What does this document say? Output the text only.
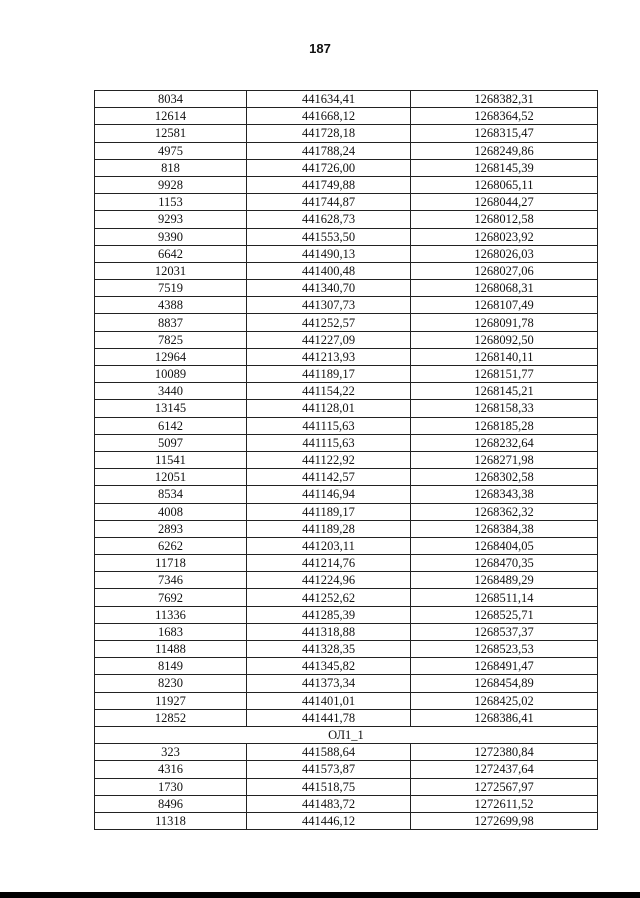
187
8034	441634,41	1268382,31
12614	441668,12	1268364,52
12581	441728,18	1268315,47
4975	441788,24	1268249,86
818	441726,00	1268145,39
9928	441749,88	1268065,11
1153	441744,87	1268044,27
9293	441628,73	1268012,58
9390	441553,50	1268023,92
6642	441490,13	1268026,03
12031	441400,48	1268027,06
7519	441340,70	1268068,31
4388	441307,73	1268107,49
8837	441252,57	1268091,78
7825	441227,09	1268092,50
12964	441213,93	1268140,11
10089	441189,17	1268151,77
3440	441154,22	1268145,21
13145	441128,01	1268158,33
6142	441115,63	1268185,28
5097	441115,63	1268232,64
11541	441122,92	1268271,98
12051	441142,57	1268302,58
8534	441146,94	1268343,38
4008	441189,17	1268362,32
2893	441189,28	1268384,38
6262	441203,11	1268404,05
11718	441214,76	1268470,35
7346	441224,96	1268489,29
7692	441252,62	1268511,14
11336	441285,39	1268525,71
1683	441318,88	1268537,37
11488	441328,35	1268523,53
8149	441345,82	1268491,47
8230	441373,34	1268454,89
11927	441401,01	1268425,02
12852	441441,78	1268386,41
ОЛ1_1		
323	441588,64	1272380,84
4316	441573,87	1272437,64
1730	441518,75	1272567,97
8496	441483,72	1272611,52
11318	441446,12	1272699,98
